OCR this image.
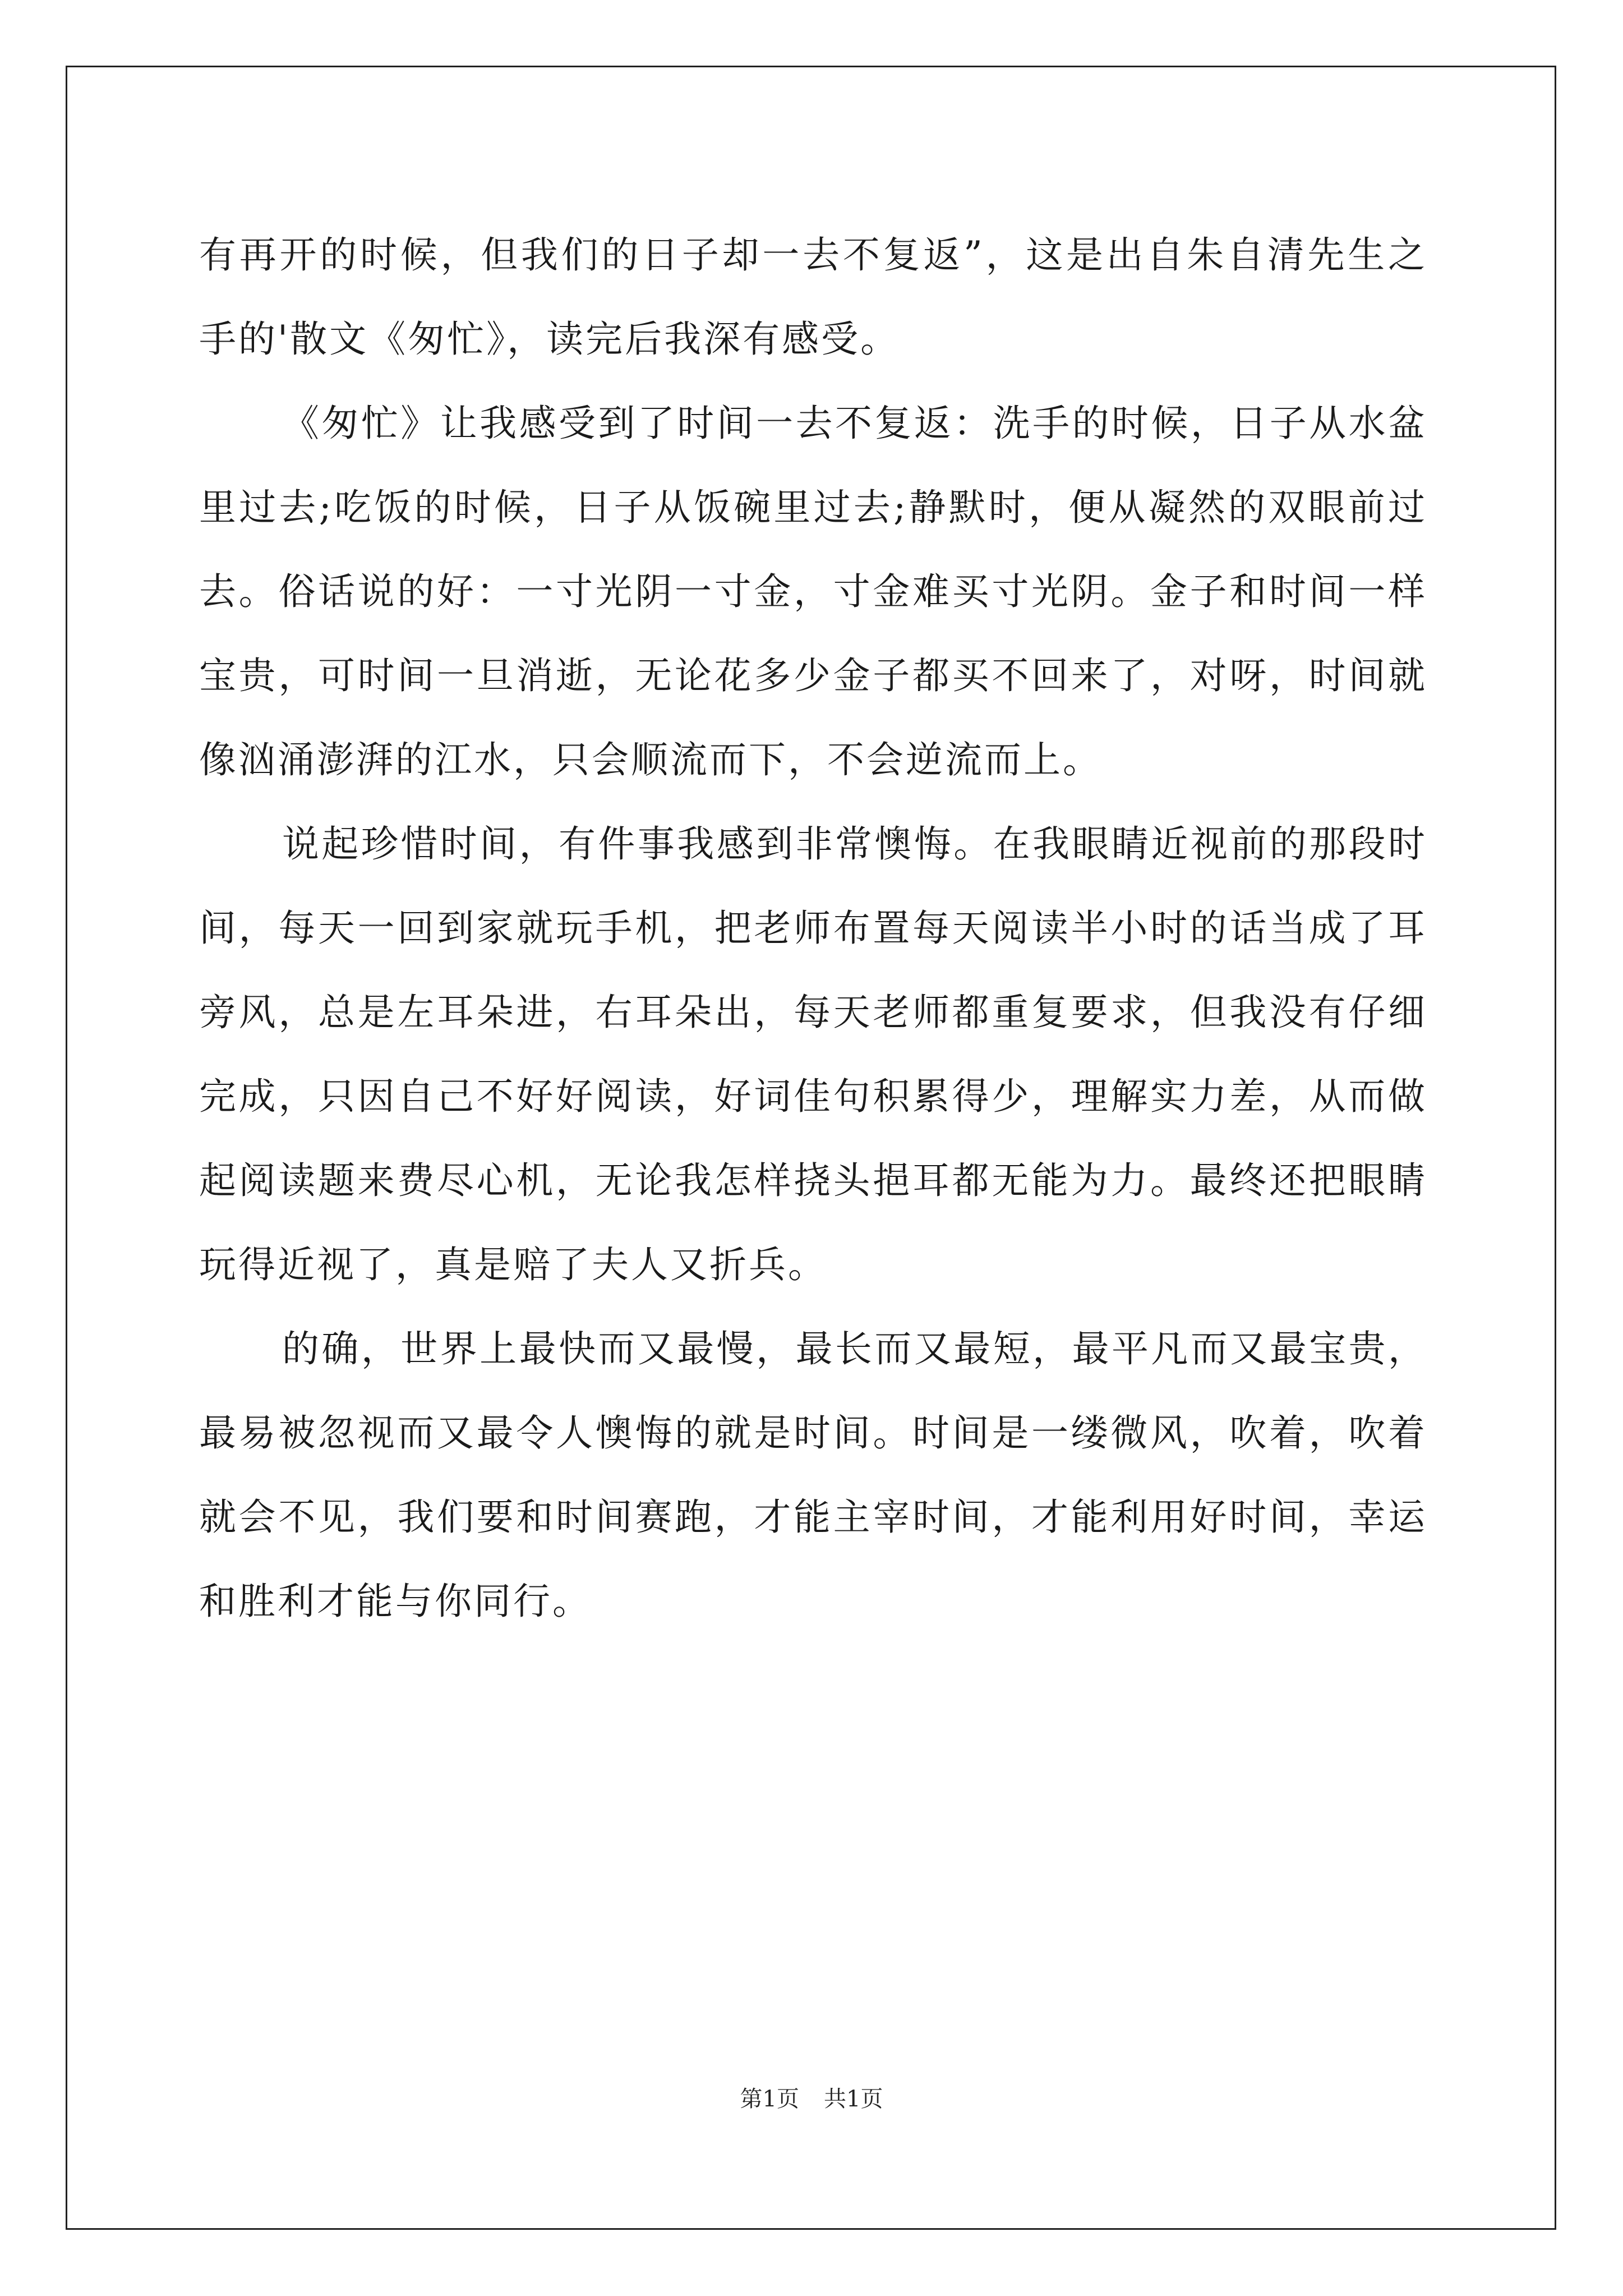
有再开的时候，但我们的日子却一去不复返”，这是出自朱自清先生之手的'散文《匆忙》，读完后我深有感受。

《匆忙》让我感受到了时间一去不复返：洗手的时候，日子从水盆里过去;吃饭的时候，日子从饭碗里过去;静默时，便从凝然的双眼前过去。俗话说的好：一寸光阴一寸金，寸金难买寸光阴。金子和时间一样宝贵，可时间一旦消逝，无论花多少金子都买不回来了，对呀，时间就像汹涌澎湃的江水，只会顺流而下，不会逆流而上。

说起珍惜时间，有件事我感到非常懊悔。在我眼睛近视前的那段时间，每天一回到家就玩手机，把老师布置每天阅读半小时的话当成了耳旁风，总是左耳朵进，右耳朵出，每天老师都重复要求，但我没有仔细完成，只因自己不好好阅读，好词佳句积累得少，理解实力差，从而做起阅读题来费尽心机，无论我怎样挠头挹耳都无能为力。最终还把眼睛玩得近视了，真是赔了夫人又折兵。

的确，世界上最快而又最慢，最长而又最短，最平凡而又最宝贵，最易被忽视而又最令人懊悔的就是时间。时间是一缕微风，吹着，吹着就会不见，我们要和时间赛跑，才能主宰时间，才能利用好时间，幸运和胜利才能与你同行。

第1页 共1页
